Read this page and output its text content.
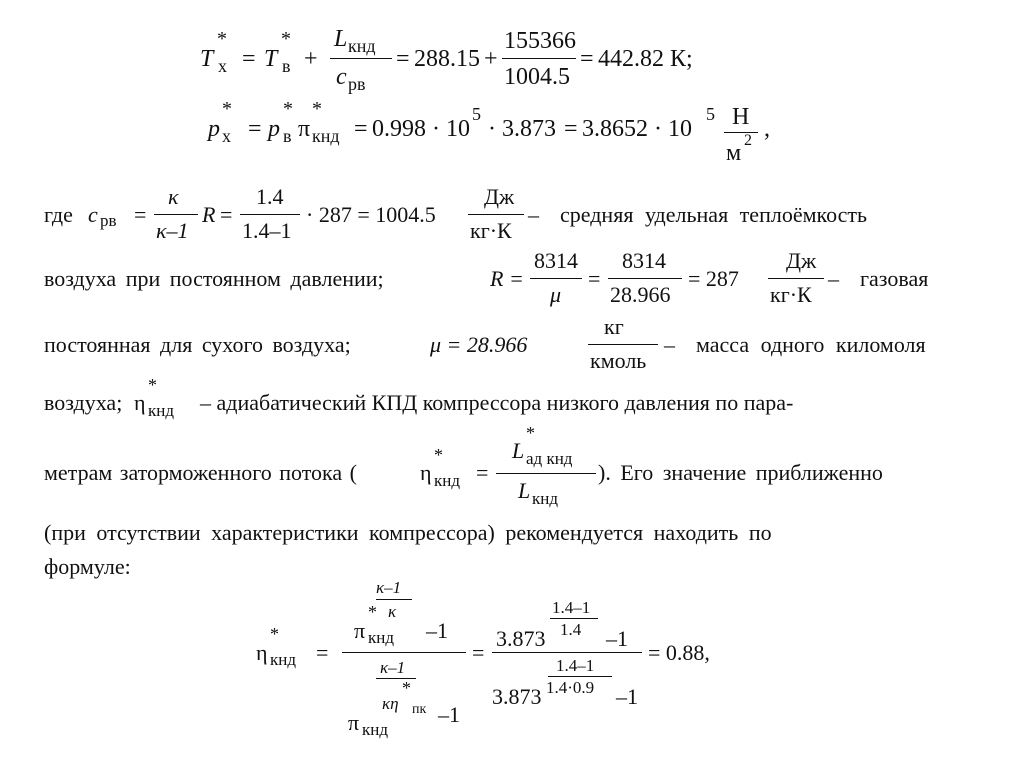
T
*
х = T
*
в +
L кнд
c рв
= 288.15 +
155366
1004.5
= 442.82 К;
p
*
х = p
*
в π
*
кнд = 0.998 · 10
5
· 3.873 = 3.8652 · 10
5 Н
м 2 ,
где c рв =
κ
κ–1
R =
1.4
1.4–1
· 287 = 1004.5
Дж
кг·К
– средняя удельная теплоёмкость
воздуха при постоянном давлении;	R =
8314
μ
=
8314
28.966
= 287
Дж
кг·К
– газовая
постоянная для сухого воздуха;	μ = 28.966
кг
кмоль
– масса одного киломоля
воздуха; η
*
кнд – адиабатический КПД компрессора низкого давления по пара-
метрам заторможенного потока (	η
*
кнд =
L
*
ад кнд
L кнд
). Его значение приближенно
(при отсутствии характеристики компрессора) рекомендуется находить по
формуле:
η
*
кнд =
κ–1
κ
*
π кнд –1
κ–1
*
κη пк
π кнд
–1
=
1.4–1
1.4
3.873	–1
1.4–1
1.4·0.9
3.873	–1
= 0.88,
